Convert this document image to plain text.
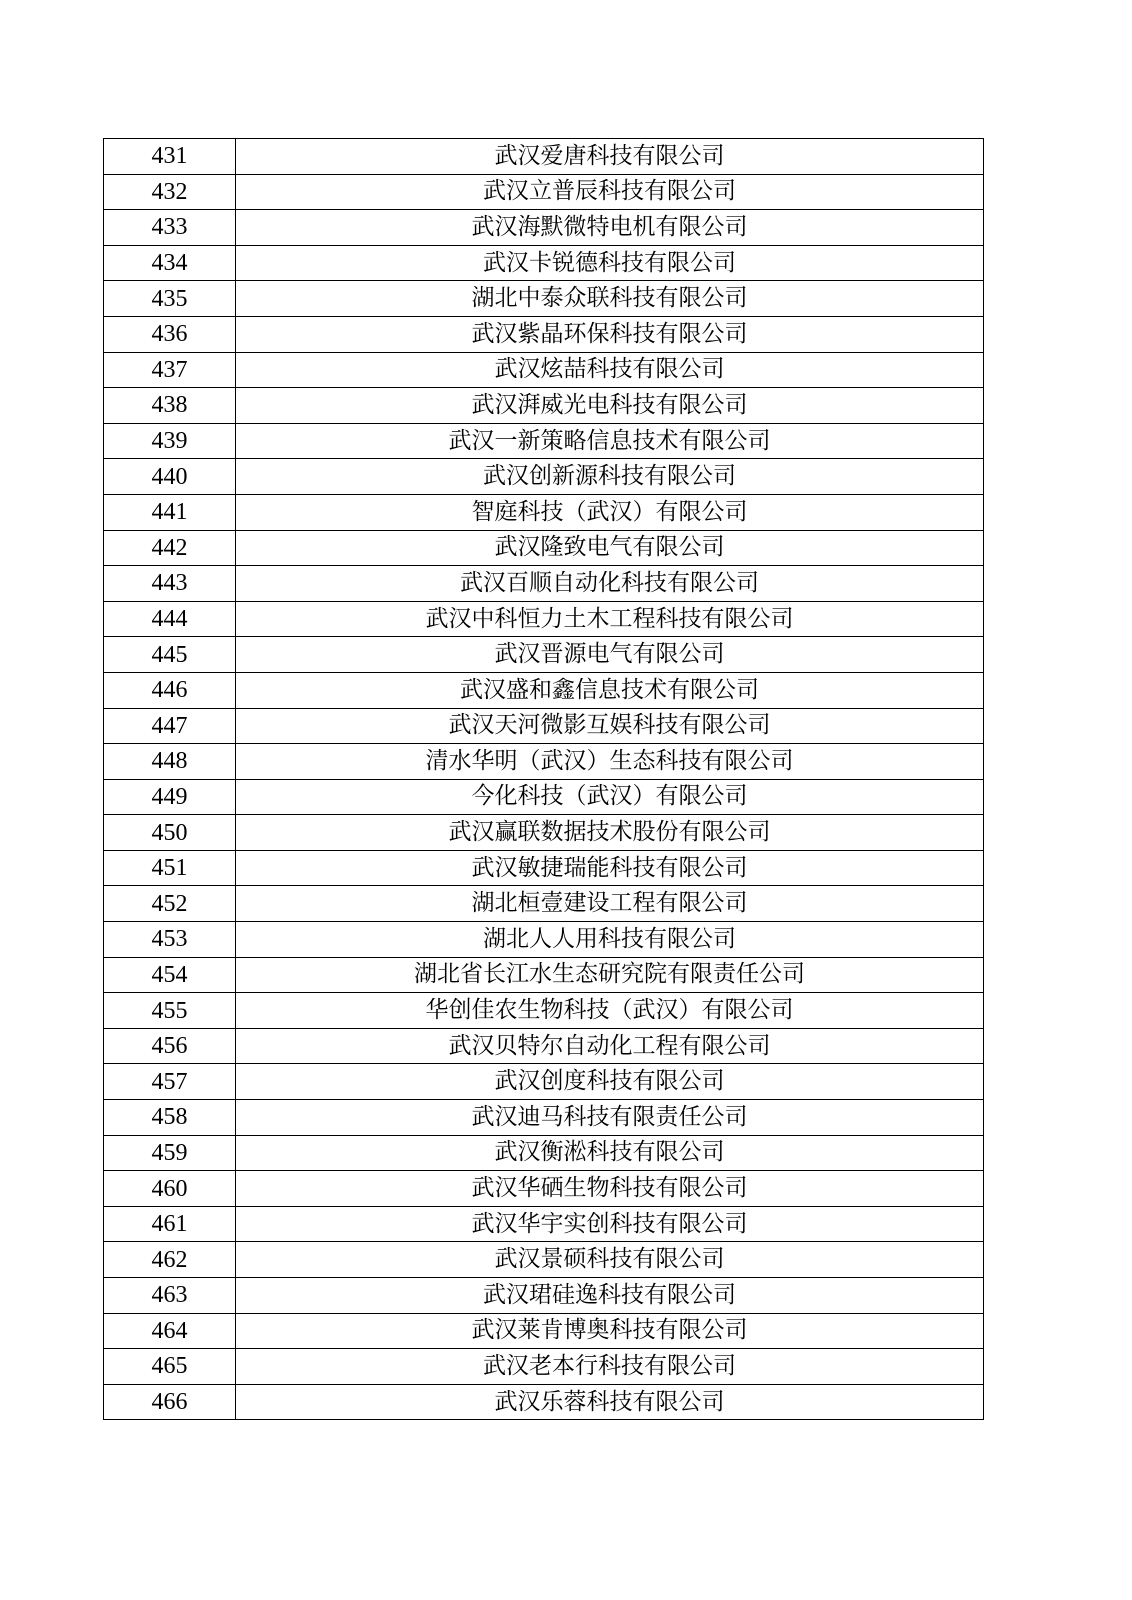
431	武汉爱唐科技有限公司
432	武汉立普辰科技有限公司
433	武汉海默微特电机有限公司
434	武汉卡锐德科技有限公司
435	湖北中泰众联科技有限公司
436	武汉紫晶环保科技有限公司
437	武汉炫喆科技有限公司
438	武汉湃威光电科技有限公司
439	武汉一新策略信息技术有限公司
440	武汉创新源科技有限公司
441	智庭科技（武汉）有限公司
442	武汉隆致电气有限公司
443	武汉百顺自动化科技有限公司
444	武汉中科恒力土木工程科技有限公司
445	武汉晋源电气有限公司
446	武汉盛和鑫信息技术有限公司
447	武汉天河微影互娱科技有限公司
448	清水华明（武汉）生态科技有限公司
449	今化科技（武汉）有限公司
450	武汉赢联数据技术股份有限公司
451	武汉敏捷瑞能科技有限公司
452	湖北桓壹建设工程有限公司
453	湖北人人用科技有限公司
454	湖北省长江水生态研究院有限责任公司
455	华创佳农生物科技（武汉）有限公司
456	武汉贝特尔自动化工程有限公司
457	武汉创度科技有限公司
458	武汉迪马科技有限责任公司
459	武汉衡淞科技有限公司
460	武汉华硒生物科技有限公司
461	武汉华宇实创科技有限公司
462	武汉景硕科技有限公司
463	武汉珺硅逸科技有限公司
464	武汉莱肯博奥科技有限公司
465	武汉老本行科技有限公司
466	武汉乐蓉科技有限公司
